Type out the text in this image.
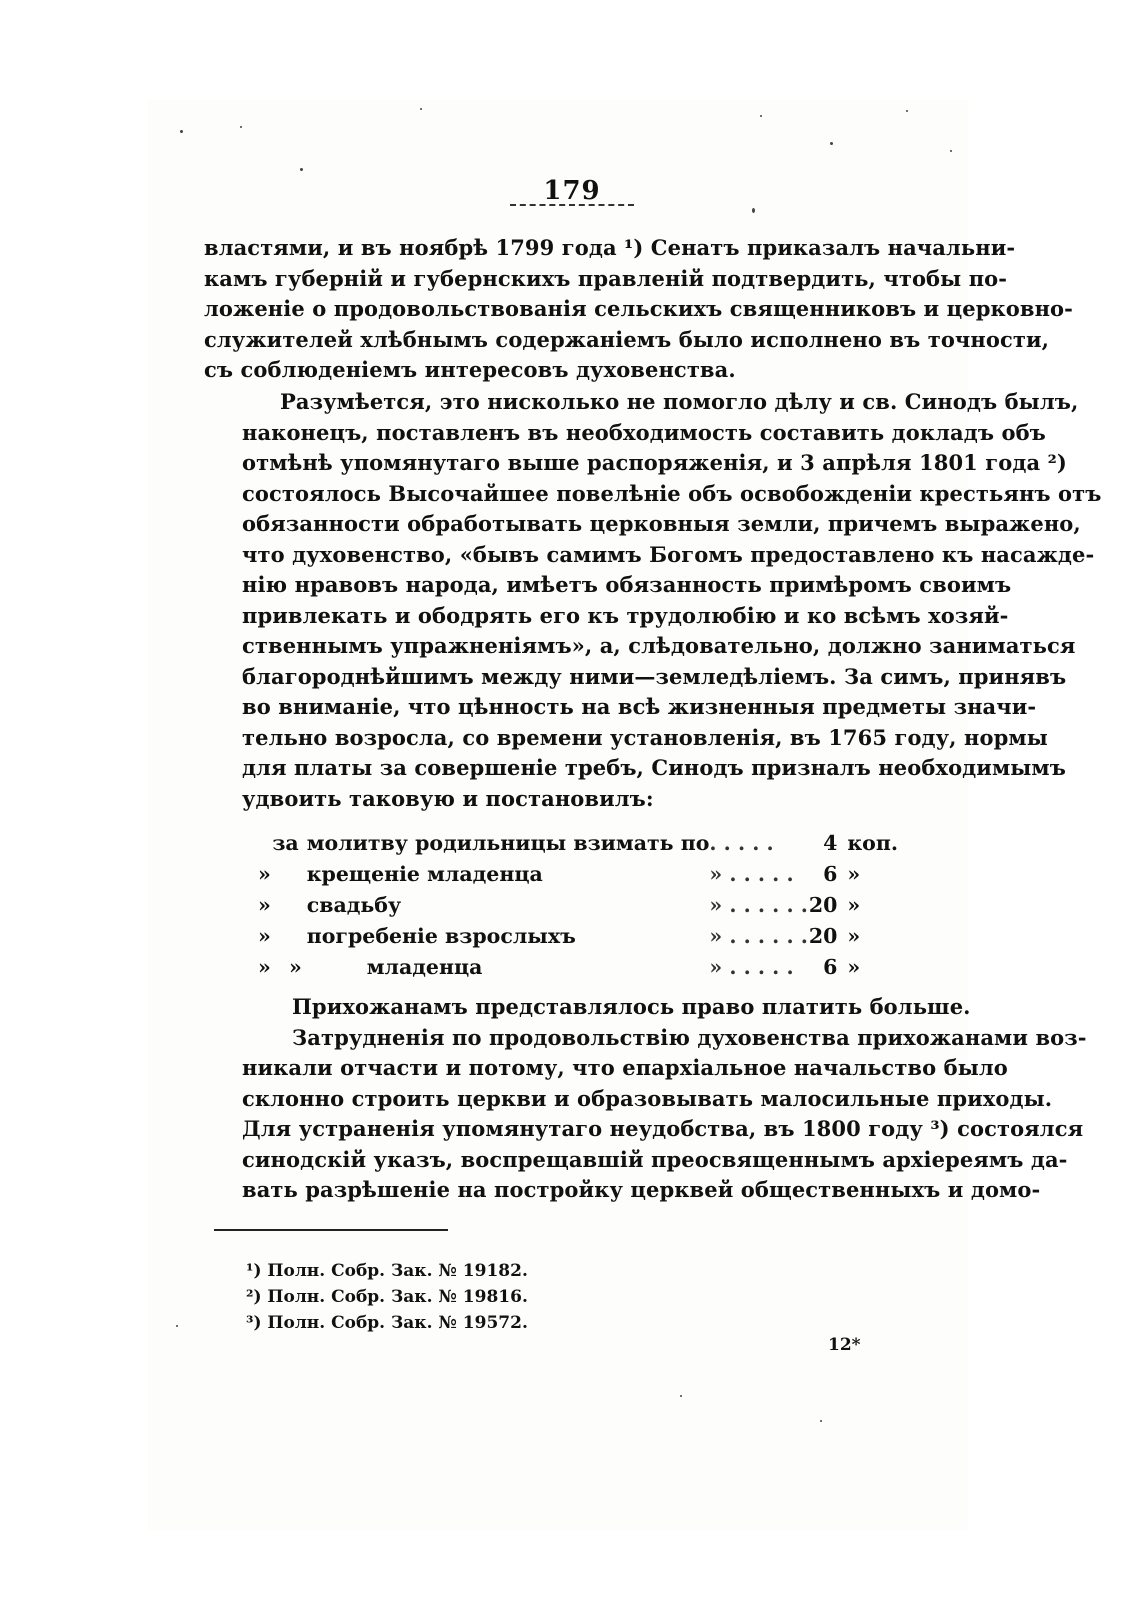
179
властями, и въ ноябрѣ 1799 года ¹) Сенатъ приказалъ начальни-
камъ губерній и губернскихъ правленій подтвердить, чтобы по-
ложеніе о продовольствованія сельскихъ священниковъ и церковно-
служителей хлѣбнымъ содержаніемъ было исполнено въ точности,
съ соблюденіемъ интересовъ духовенства.
Разумѣется, это нисколько не помогло дѣлу и св. Синодъ былъ,
наконецъ, поставленъ въ необходимость составить докладъ объ
отмѣнѣ упомянутаго выше распоряженія, и 3 апрѣля 1801 года ²)
состоялось Высочайшее повелѣніе объ освобожденіи крестьянъ отъ
обязанности обработывать церковныя земли, причемъ выражено,
что духовенство, «бывъ самимъ Богомъ предоставлено къ насажде-
нію нравовъ народа, имѣетъ обязанность примѣромъ своимъ
привлекать и ободрять его къ трудолюбію и ко всѣмъ хозяй-
ственнымъ упражненіямъ», а, слѣдовательно, должно заниматься
благороднѣйшимъ между ними—земледѣліемъ. За симъ, принявъ
во вниманіе, что цѣнность на всѣ жизненныя предметы значи-
тельно возросла, со времени установленія, въ 1765 году, нормы
для платы за совершеніе требъ, Синодъ призналъ необходимымъ
удвоить таковую и постановилъ:
	за	молитву родильницы взимать по	. . . . .	4	коп.
»		крещеніе младенца	» . . . . .	6	»
»		свадьбу	» . . . . . .	20	»
»		погребеніе взрослыхъ	» . . . . . .	20	»
»	»	младенца	» . . . . .	6	»
Прихожанамъ представлялось право платить больше.
Затрудненія по продовольствію духовенства прихожанами воз-
никали отчасти и потому, что епархіальное начальство было
склонно строить церкви и образовывать малосильные приходы.
Для устраненія упомянутаго неудобства, въ 1800 году ³) состоялся
синодскій указъ, воспрещавшій преосвященнымъ архіереямъ да-
вать разрѣшеніе на постройку церквей общественныхъ и домо-
¹) Полн. Собр. Зак. № 19182.
²) Полн. Собр. Зак. № 19816.
³) Полн. Собр. Зак. № 19572.
12*
